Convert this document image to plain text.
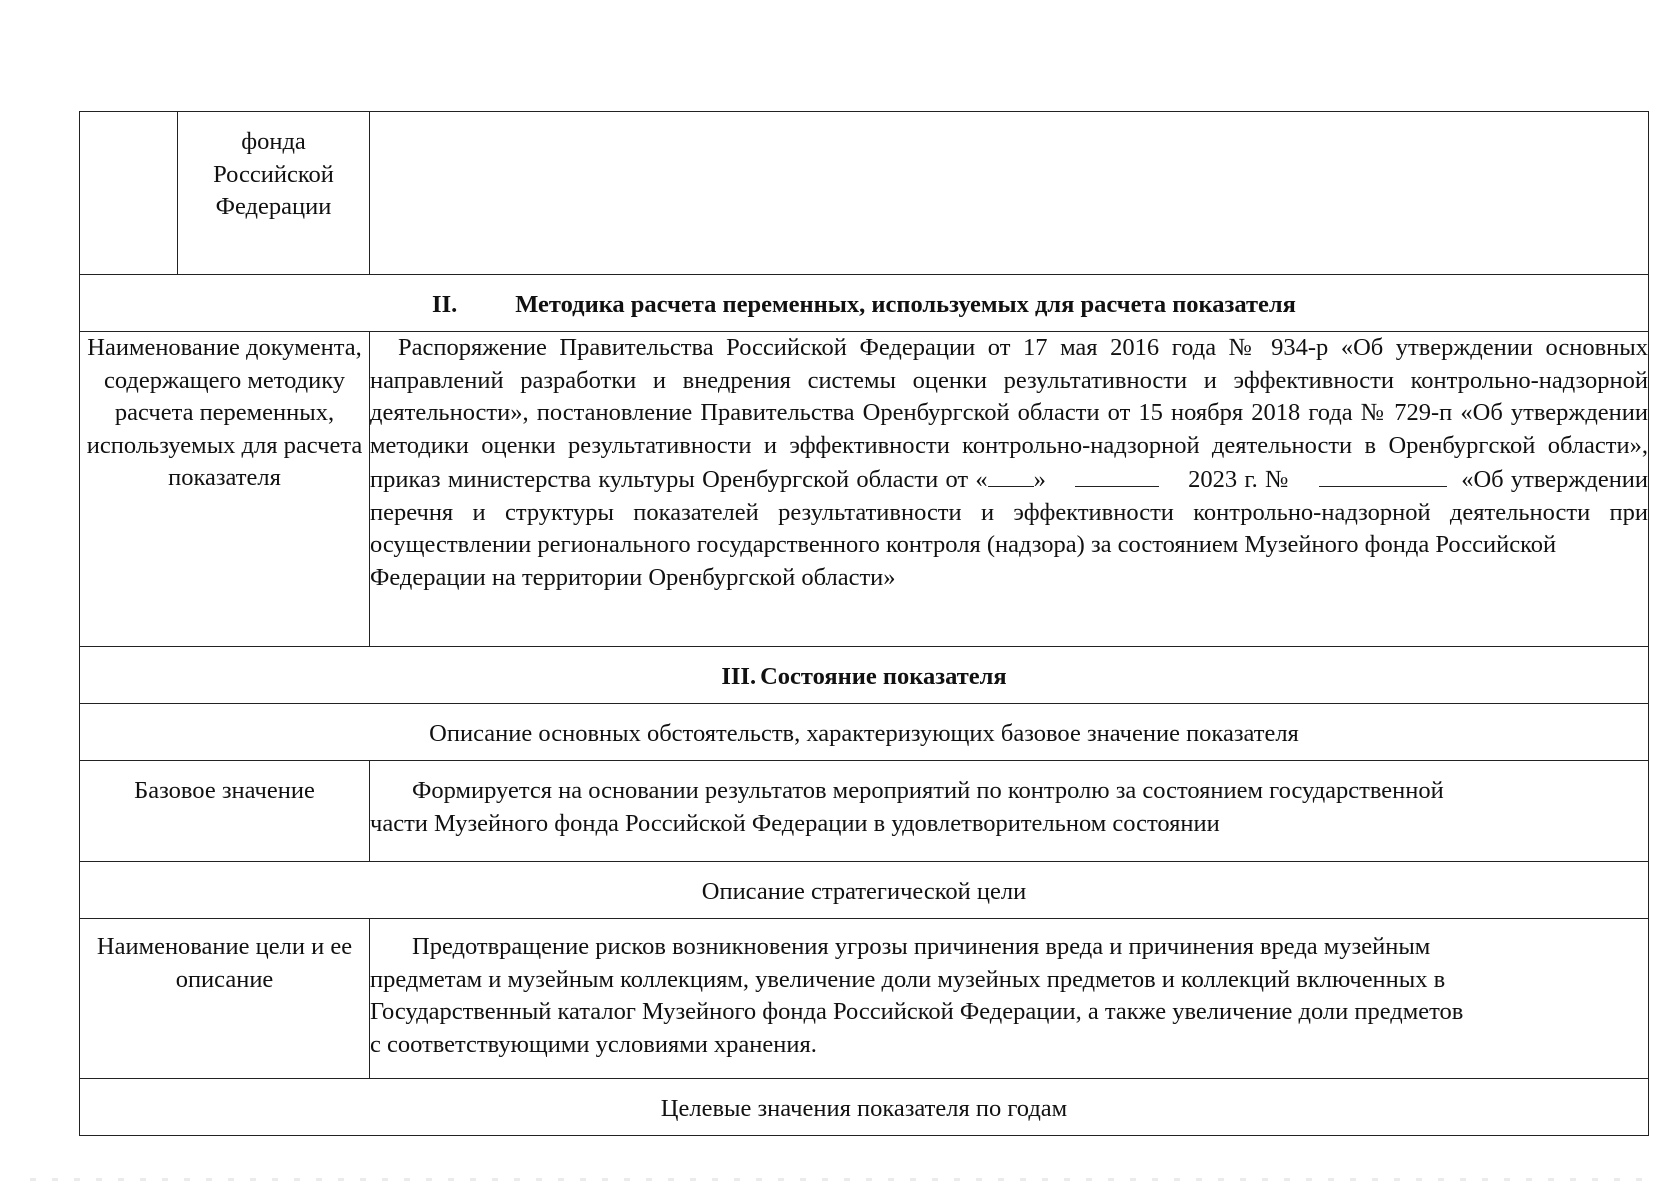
	фонда Российской Федерации	
II. Методика расчета переменных, используемых для расчета показателя		
Наименование документа, содержащего методику расчета переменных, используемых для расчета показателя		Распоряжение Правительства Российской Федерации от 17 мая 2016 года № 934-р «Об утверждении основных направлений разработки и внедрения системы оценки результативности и эффективности контрольно-надзорной деятельности», постановление Правительства Оренбургской области от 15 ноября 2018 года № 729-п «Об утверждении методики оценки результативности и эффективности контрольно-надзорной деятельности в Оренбургской области», приказ министерства культуры Оренбургской области от « » 2023 г. № «Об утверждении перечня и структуры показателей результативности и эффективности контрольно-надзорной деятельности при осуществлении регионального государственного контроля (надзора) за состоянием Музейного фонда Российской
Федерации на территории Оренбургской области»

III. Состояние показателя		
Описание основных обстоятельств, характеризующих базовое значение показателя		
Базовое значение		Формируется на основании результатов мероприятий по контролю за состоянием государственной
части Музейного фонда Российской Федерации в удовлетворительном состоянии

Описание стратегической цели		
Наименование цели и ее описание		Предотвращение рисков возникновения угрозы причинения вреда и причинения вреда музейным
предметам и музейным коллекциям, увеличение доли музейных предметов и коллекций включенных в
Государственный каталог Музейного фонда Российской Федерации, а также увеличение доли предметов
с соответствующими условиями хранения.

Целевые значения показателя по годам		
